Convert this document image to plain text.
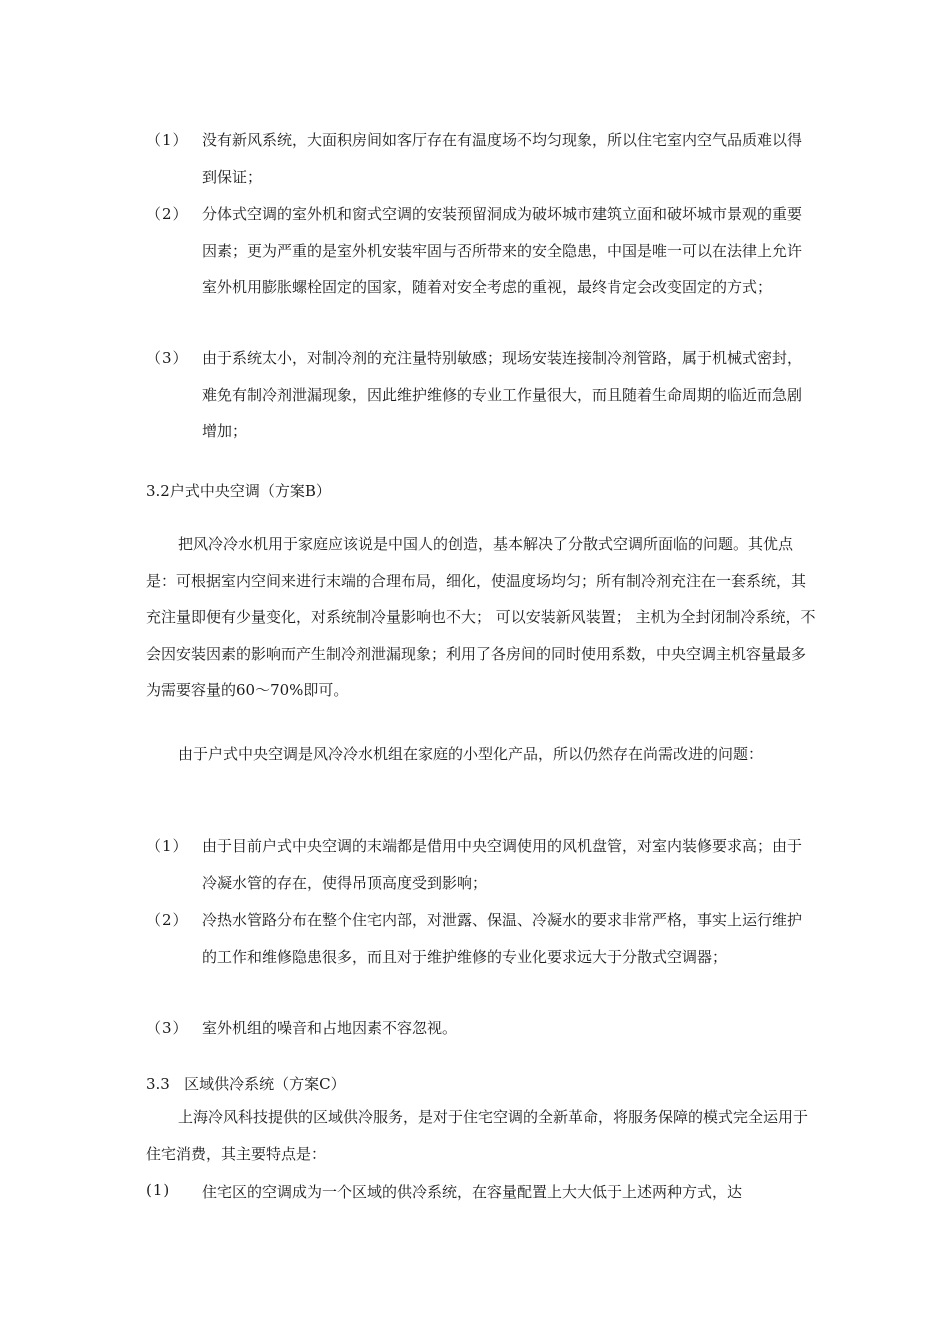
（1） 没有新风系统，大面积房间如客厅存在有温度场不均匀现象，所以住宅室内空气品质难以得到保证；
（2） 分体式空调的室外机和窗式空调的安装预留洞成为破坏城市建筑立面和破坏城市景观的重要因素；更为严重的是室外机安装牢固与否所带来的安全隐患，中国是唯一可以在法律上允许室外机用膨胀螺栓固定的国家，随着对安全考虑的重视，最终肯定会改变固定的方式；
（3） 由于系统太小，对制冷剂的充注量特别敏感；现场安装连接制冷剂管路，属于机械式密封，难免有制冷剂泄漏现象，因此维护维修的专业工作量很大，而且随着生命周期的临近而急剧增加；
3.2户式中央空调（方案B）
把风冷冷水机用于家庭应该说是中国人的创造，基本解决了分散式空调所面临的问题。其优点是：可根据室内空间来进行末端的合理布局，细化，使温度场均匀；所有制冷剂充注在一套系统，其充注量即便有少量变化，对系统制冷量影响也不大； 可以安装新风装置； 主机为全封闭制冷系统，不会因安装因素的影响而产生制冷剂泄漏现象；利用了各房间的同时使用系数，中央空调主机容量最多为需要容量的60～70%即可。
由于户式中央空调是风冷冷水机组在家庭的小型化产品，所以仍然存在尚需改进的问题：
（1） 由于目前户式中央空调的末端都是借用中央空调使用的风机盘管，对室内装修要求高；由于冷凝水管的存在，使得吊顶高度受到影响；
（2） 冷热水管路分布在整个住宅内部，对泄露、保温、冷凝水的要求非常严格，事实上运行维护的工作和维修隐患很多，而且对于维护维修的专业化要求远大于分散式空调器；
（3） 室外机组的噪音和占地因素不容忽视。
3.3   区域供冷系统（方案C）
上海冷风科技提供的区域供冷服务，是对于住宅空调的全新革命，将服务保障的模式完全运用于住宅消费，其主要特点是：
(1)	住宅区的空调成为一个区域的供冷系统，在容量配置上大大低于上述两种方式，达
